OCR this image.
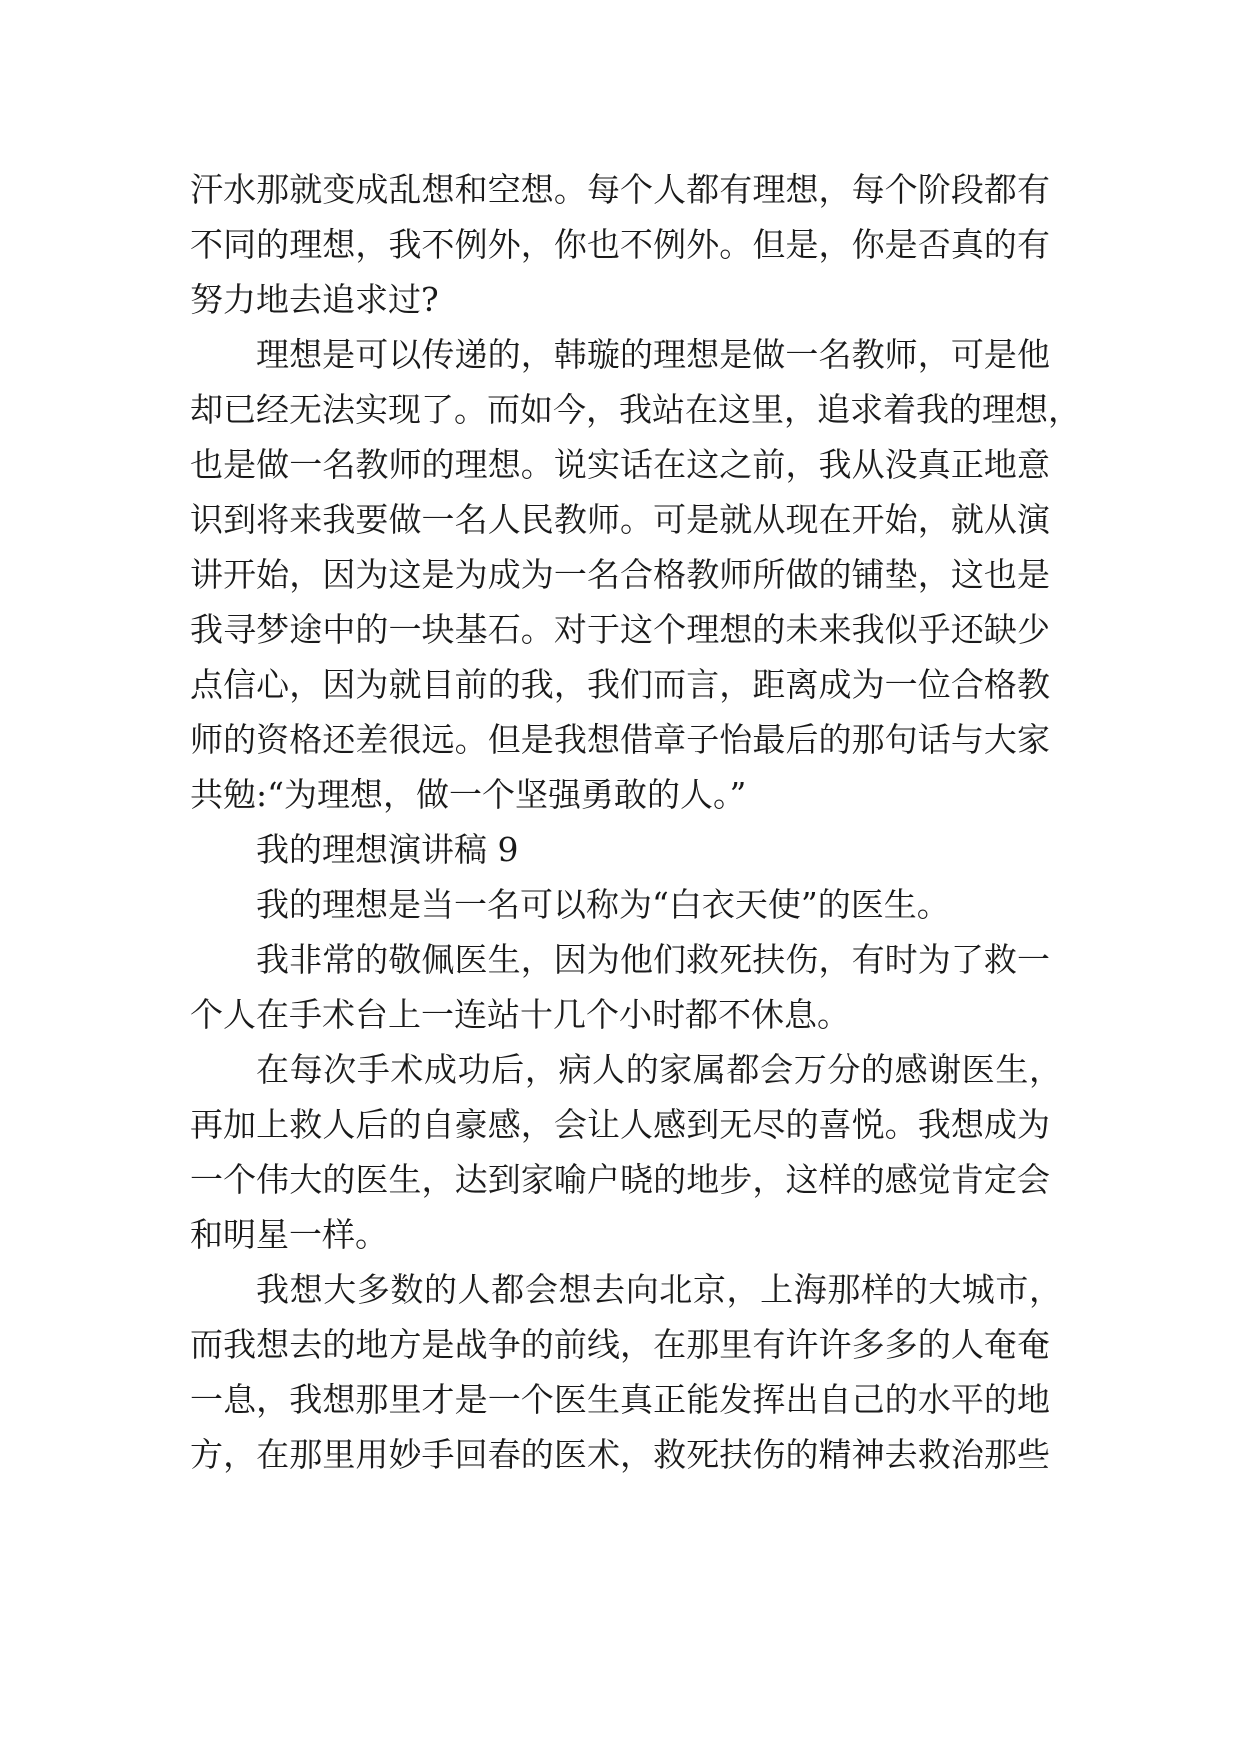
汗水那就变成乱想和空想。每个人都有理想，每个阶段都有
不同的理想，我不例外，你也不例外。但是，你是否真的有
努力地去追求过?
理想是可以传递的，韩璇的理想是做一名教师，可是他
却已经无法实现了。而如今，我站在这里，追求着我的理想，
也是做一名教师的理想。说实话在这之前，我从没真正地意
识到将来我要做一名人民教师。可是就从现在开始，就从演
讲开始，因为这是为成为一名合格教师所做的铺垫，这也是
我寻梦途中的一块基石。对于这个理想的未来我似乎还缺少
点信心，因为就目前的我，我们而言，距离成为一位合格教
师的资格还差很远。但是我想借章子怡最后的那句话与大家
共勉:“为理想，做一个坚强勇敢的人。”
我的理想演讲稿 9
我的理想是当一名可以称为“白衣天使”的医生。
我非常的敬佩医生，因为他们救死扶伤，有时为了救一
个人在手术台上一连站十几个小时都不休息。
在每次手术成功后，病人的家属都会万分的感谢医生，
再加上救人后的自豪感，会让人感到无尽的喜悦。我想成为
一个伟大的医生，达到家喻户晓的地步，这样的感觉肯定会
和明星一样。
我想大多数的人都会想去向北京，上海那样的大城市，
而我想去的地方是战争的前线，在那里有许许多多的人奄奄
一息，我想那里才是一个医生真正能发挥出自己的水平的地
方，在那里用妙手回春的医术，救死扶伤的精神去救治那些
